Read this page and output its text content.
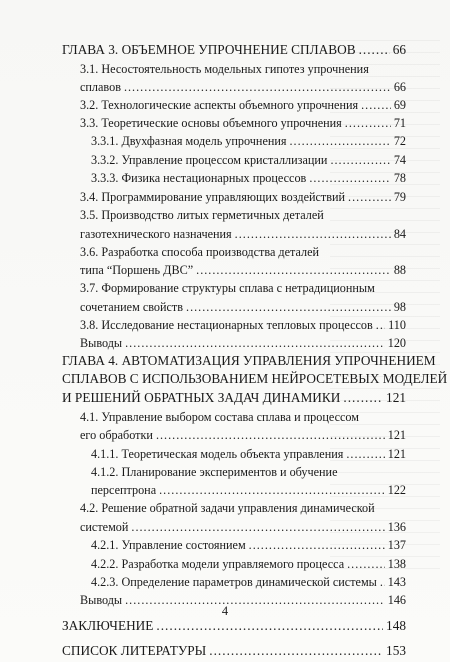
ГЛАВА 3. ОБЪЕМНОЕ УПРОЧНЕНИЕ СПЛАВОВ .....	66
3.1. Несостоятельность модельных гипотез упрочнения
сплавов .....	66
3.2. Технологические аспекты объемного упрочнения .....	69
3.3. Теоретические основы объемного упрочнения .....	71
3.3.1. Двухфазная модель упрочнения .....	72
3.3.2. Управление процессом кристаллизации .....	74
3.3.3. Физика нестационарных процессов .....	78
3.4. Программирование управляющих воздействий .....	79
3.5. Производство литых герметичных деталей
газотехнического назначения .....	84
3.6. Разработка способа производства деталей
типа “Поршень ДВС” .....	88
3.7. Формирование структуры сплава с нетрадиционным
сочетанием свойств .....	98
3.8. Исследование нестационарных тепловых процессов ..... 110
Выводы .....	120
ГЛАВА 4. АВТОМАТИЗАЦИЯ УПРАВЛЕНИЯ УПРОЧНЕНИЕМ
СПЛАВОВ С ИСПОЛЬЗОВАНИЕМ НЕЙРОСЕТЕВЫХ МОДЕЛЕЙ
И РЕШЕНИЙ ОБРАТНЫХ ЗАДАЧ ДИНАМИКИ .....	121
4.1. Управление выбором состава сплава и процессом
его обработки .....	121
4.1.1. Теоретическая модель объекта управления .....	121
4.1.2. Планирование экспериментов и обучение
персептрона .....	122
4.2. Решение обратной задачи управления динамической
системой .....	136
4.2.1. Управление состоянием .....	137
4.2.2. Разработка модели управляемого процесса .....	138
4.2.3. Определение параметров динамической системы ..... 143
Выводы .....	146
ЗАКЛЮЧЕНИЕ .....	148
СПИСОК ЛИТЕРАТУРЫ .....	153
4
